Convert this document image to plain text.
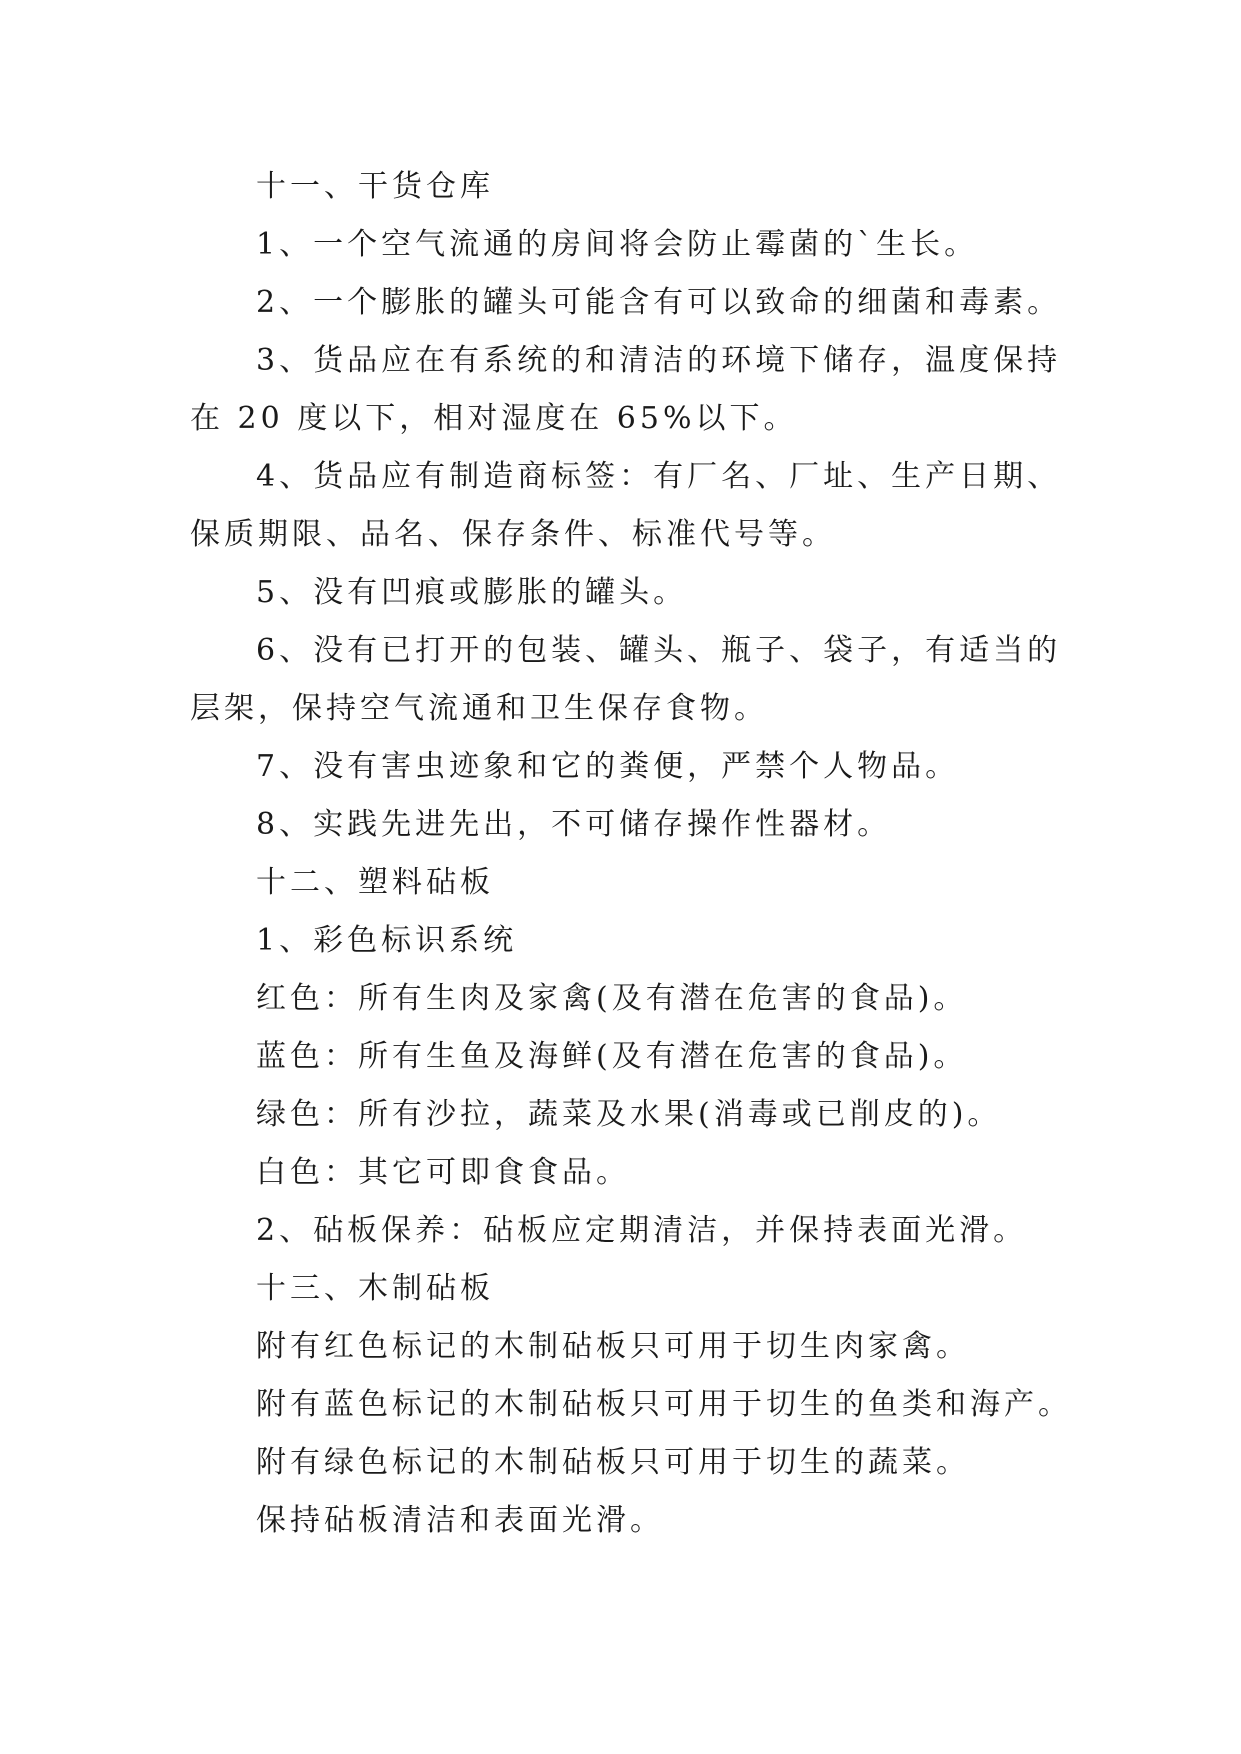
十一、干货仓库
1、一个空气流通的房间将会防止霉菌的`生长。
2、一个膨胀的罐头可能含有可以致命的细菌和毒素。
3、货品应在有系统的和清洁的环境下储存，温度保持
在 20 度以下，相对湿度在 65%以下。
4、货品应有制造商标签：有厂名、厂址、生产日期、
保质期限、品名、保存条件、标准代号等。
5、没有凹痕或膨胀的罐头。
6、没有已打开的包装、罐头、瓶子、袋子，有适当的
层架，保持空气流通和卫生保存食物。
7、没有害虫迹象和它的粪便，严禁个人物品。
8、实践先进先出，不可储存操作性器材。
十二、塑料砧板
1、彩色标识系统
红色：所有生肉及家禽(及有潜在危害的食品)。
蓝色：所有生鱼及海鲜(及有潜在危害的食品)。
绿色：所有沙拉，蔬菜及水果(消毒或已削皮的)。
白色：其它可即食食品。
2、砧板保养：砧板应定期清洁，并保持表面光滑。
十三、木制砧板
附有红色标记的木制砧板只可用于切生肉家禽。
附有蓝色标记的木制砧板只可用于切生的鱼类和海产。
附有绿色标记的木制砧板只可用于切生的蔬菜。
保持砧板清洁和表面光滑。
